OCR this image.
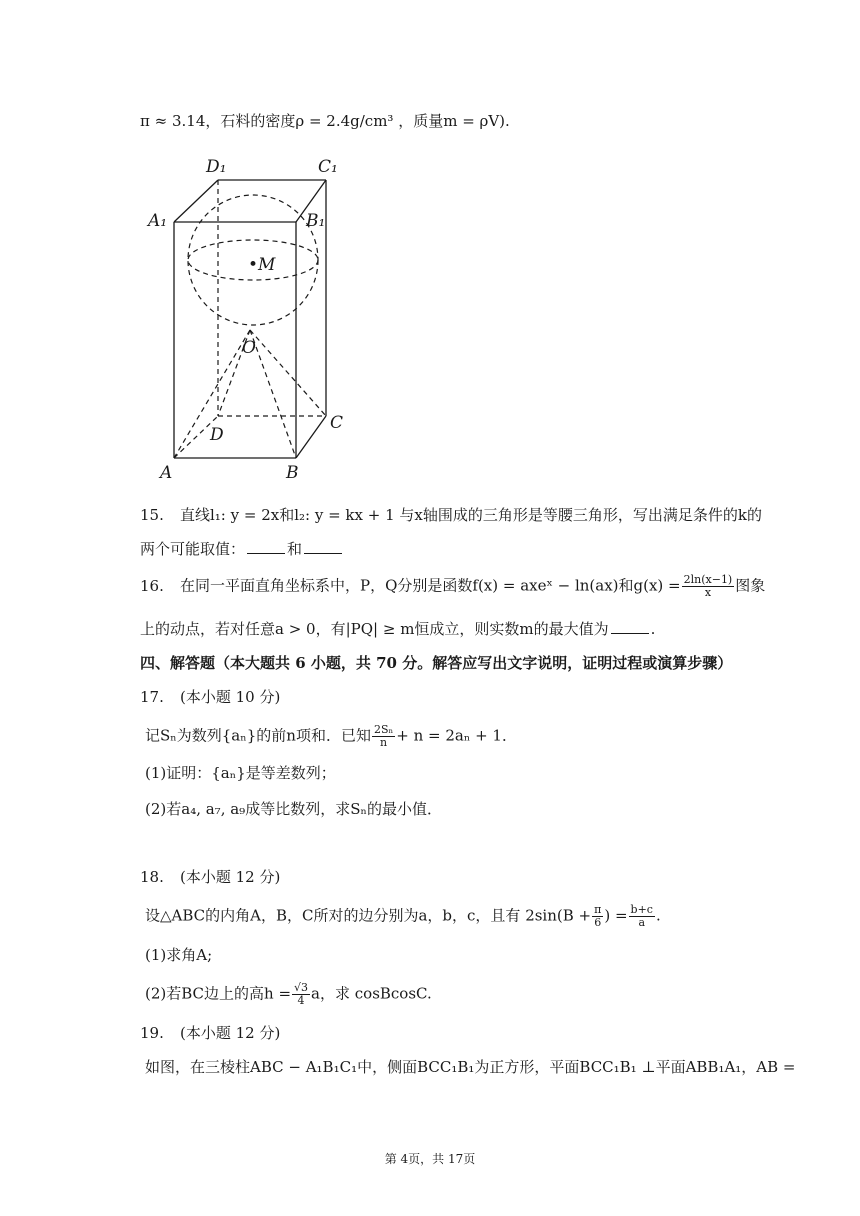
π ≈ 3.14，石料的密度ρ = 2.4g/cm³ ，质量m = ρV).
D₁	C₁
A₁	B₁
•M
O
D
C
A	B
15. 直线l₁: y = 2x和l₂: y = kx + 1 与x轴围成的三角形是等腰三角形，写出满足条件的k的
两个可能取值：	和
16. 在同一平面直角坐标系中，P，Q分别是函数f(x) = axeˣ − ln(ax)和$g(x) = \frac{2\ln(x-1)}{x}$ 图象
上的动点，若对任意a > 0，有|PQ| ≥ m恒成立，则实数m的最大值为	.
四、解答题（本大题共 6 小题，共 70 分。解答应写出文字说明，证明过程或演算步骤）
17. (本小题 10 分)
记Sₙ为数列{aₙ}的前n项和．已知 $\frac{\text{2Sₙ}}{n} + n = 2a_n + 1$．
(1)证明：{aₙ}是等差数列；
(2)若a₄, a₇, a₉成等比数列，求Sₙ的最小值．
18. (本小题 12 分)
设△ABC的内角A，B，C所对的边分别为a，b，c，且有 $2\sin(B + \frac{\pi}{6}$ ) = $\frac{b+c}{a}$ .
(1)求角A;
(2)若BC边上的高$h = \frac{√3}{4}$ a，求 cosBcosC.
19. (本小题 12 分)
如图，在三棱柱ABC − A₁B₁C₁中，侧面BCC₁B₁为正方形，平面BCC₁B₁ ⊥平面ABB₁A₁，AB =
第 4页，共 17页
